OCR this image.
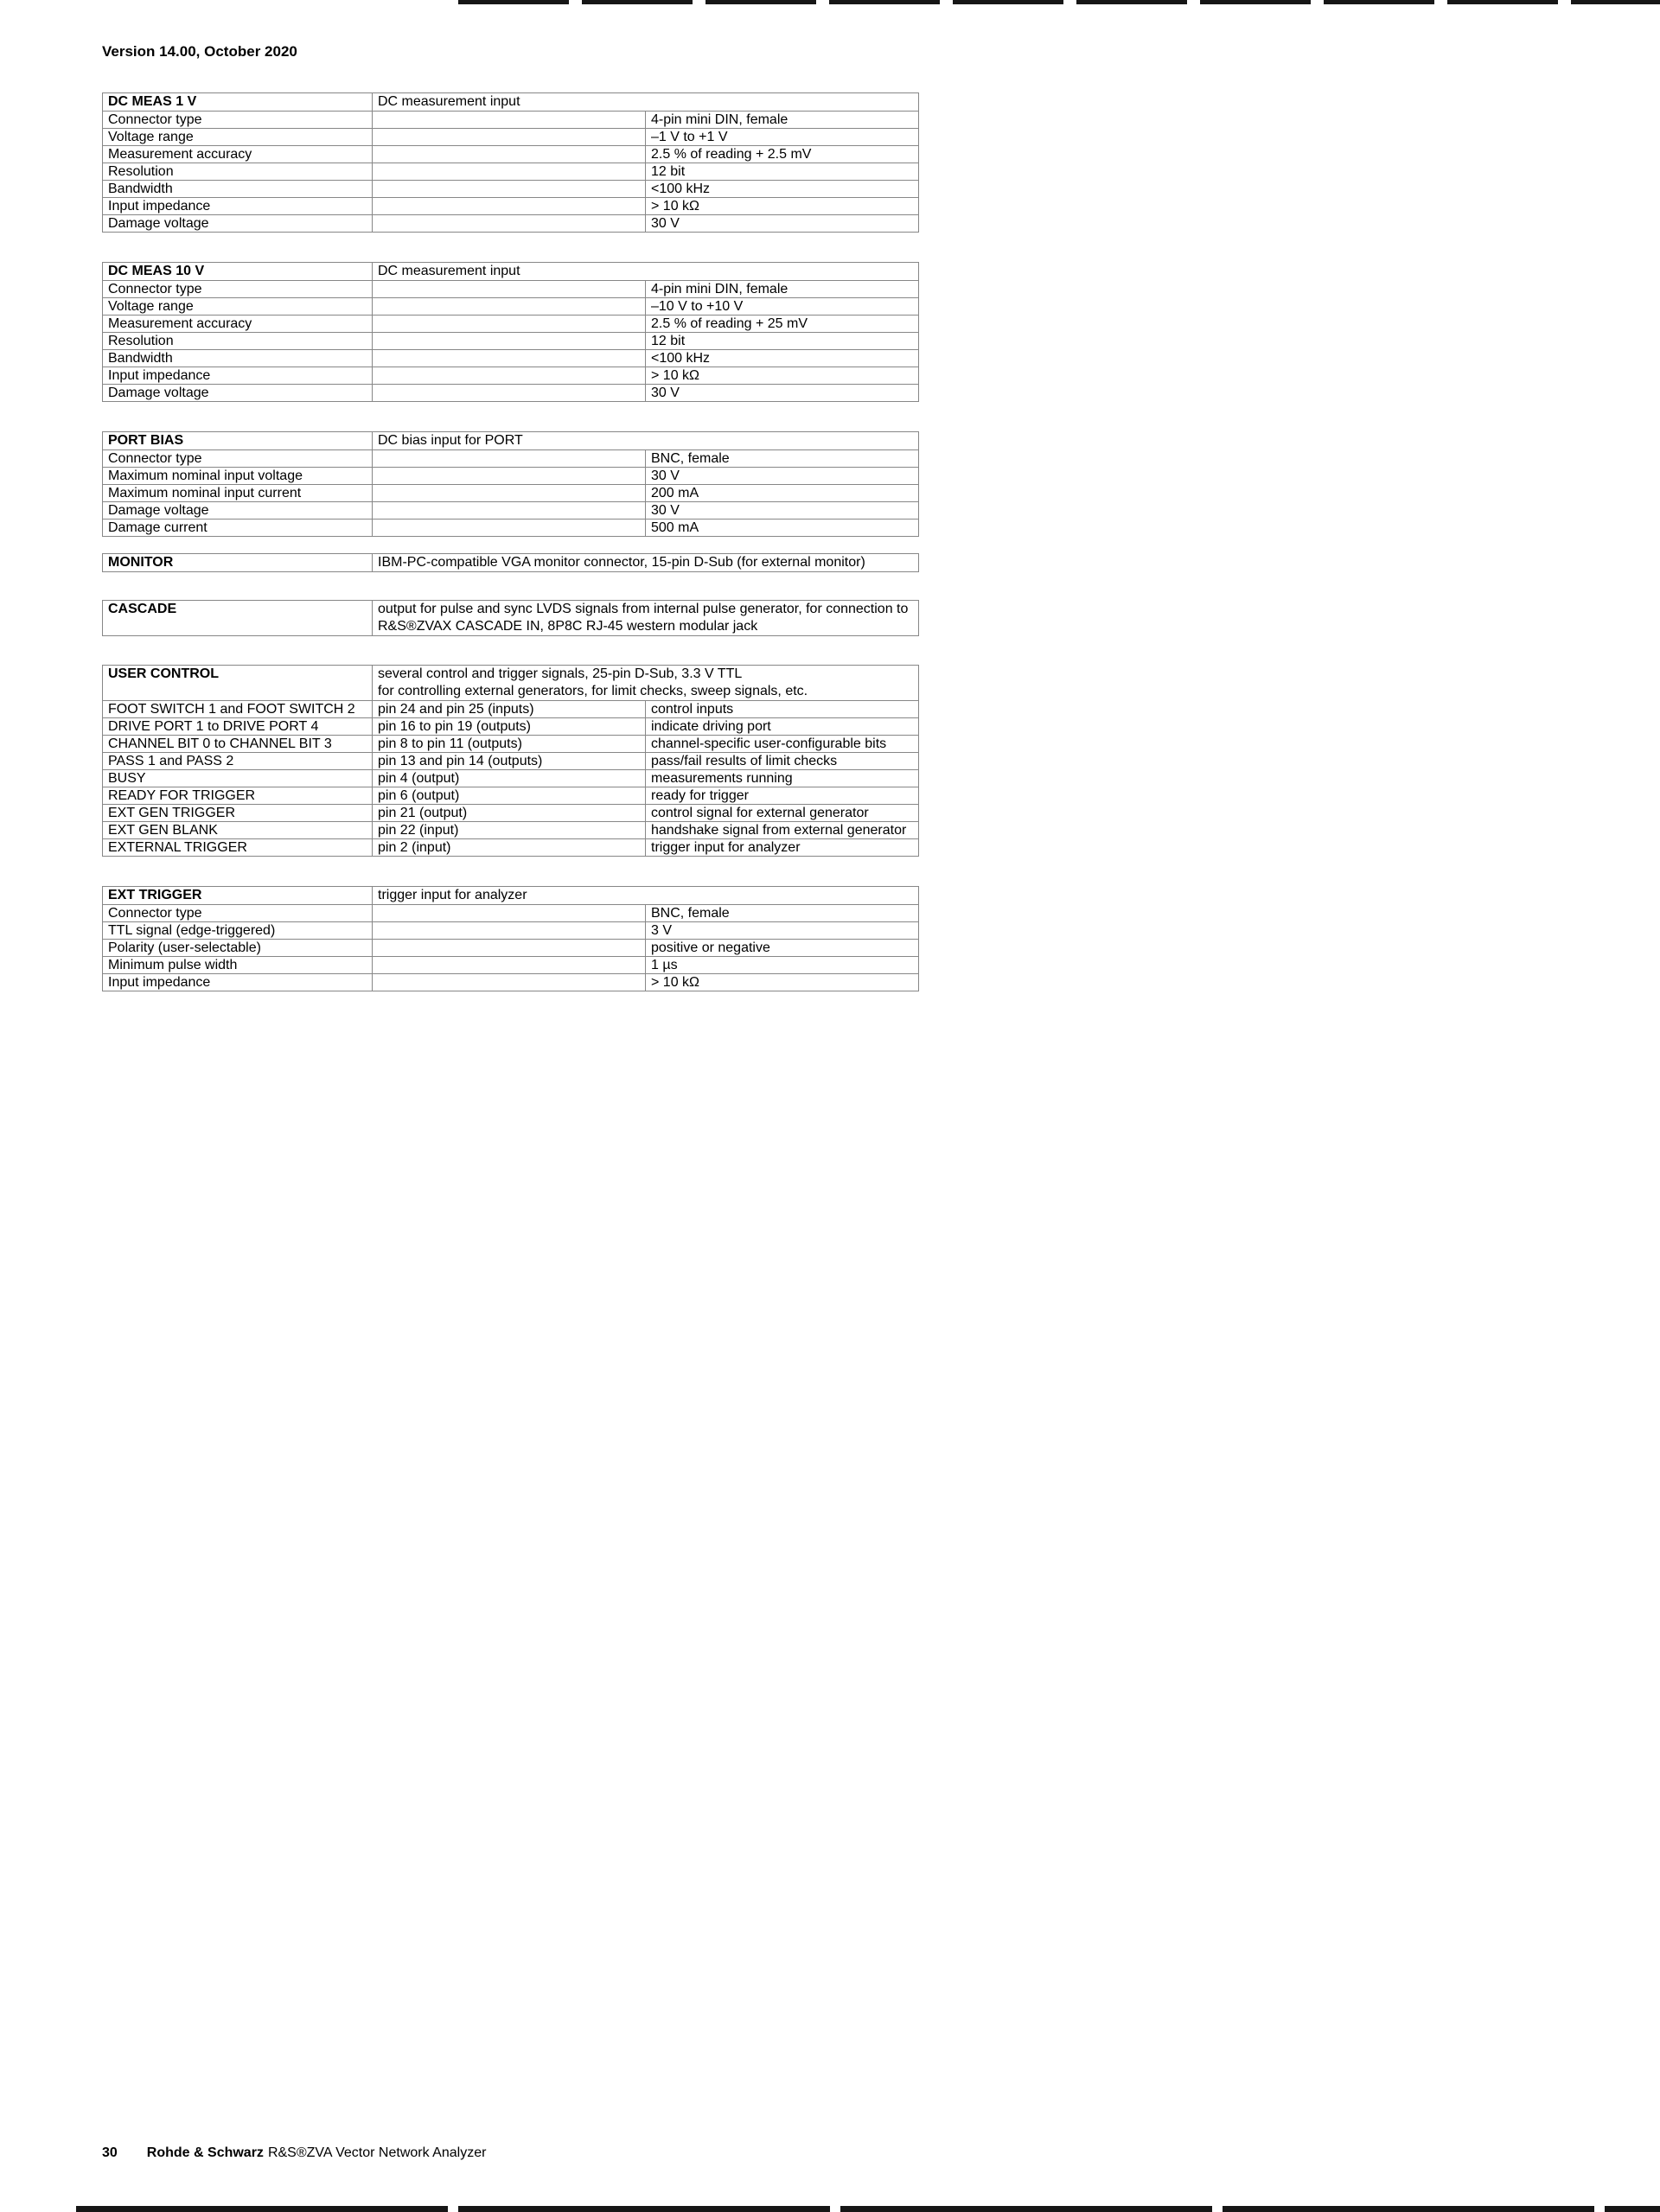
Version 14.00, October 2020
DC MEAS 1 V	DC measurement input	

Connector type		4-pin mini DIN, female
Voltage range		–1 V to +1 V
Measurement accuracy		2.5 % of reading + 2.5 mV
Resolution		12 bit
Bandwidth		<100 kHz
Input impedance		> 10 kΩ
Damage voltage		30 V
DC MEAS 10 V	DC measurement input	

Connector type		4-pin mini DIN, female
Voltage range		–10 V to +10 V
Measurement accuracy		2.5 % of reading + 25 mV
Resolution		12 bit
Bandwidth		<100 kHz
Input impedance		> 10 kΩ
Damage voltage		30 V
PORT BIAS	DC bias input for PORT	

Connector type		BNC, female
Maximum nominal input voltage		30 V
Maximum nominal input current		200 mA
Damage voltage		30 V
Damage current		500 mA
MONITOR	IBM-PC-compatible VGA monitor connector, 15-pin D-Sub (for external monitor)
CASCADE	output for pulse and sync LVDS signals from internal pulse generator, for connection to
R&S®ZVAX CASCADE IN, 8P8C RJ-45 western modular jack
USER CONTROL	several control and trigger signals, 25-pin D-Sub, 3.3 V TTL
for controlling external generators, for limit checks, sweep signals, etc.	

FOOT SWITCH 1 and FOOT SWITCH 2	pin 24 and pin 25 (inputs)	control inputs
DRIVE PORT 1 to DRIVE PORT 4	pin 16 to pin 19 (outputs)	indicate driving port
CHANNEL BIT 0 to CHANNEL BIT 3	pin 8 to pin 11 (outputs)	channel-specific user-configurable bits
PASS 1 and PASS 2	pin 13 and pin 14 (outputs)	pass/fail results of limit checks
BUSY	pin 4 (output)	measurements running
READY FOR TRIGGER	pin 6 (output)	ready for trigger
EXT GEN TRIGGER	pin 21 (output)	control signal for external generator
EXT GEN BLANK	pin 22 (input)	handshake signal from external generator
EXTERNAL TRIGGER	pin 2 (input)	trigger input for analyzer
EXT TRIGGER	trigger input for analyzer	

Connector type		BNC, female
TTL signal (edge-triggered)		3 V
Polarity (user-selectable)		positive or negative
Minimum pulse width		1 µs
Input impedance		> 10 kΩ
30 Rohde & Schwarz R&S®ZVA Vector Network Analyzer
